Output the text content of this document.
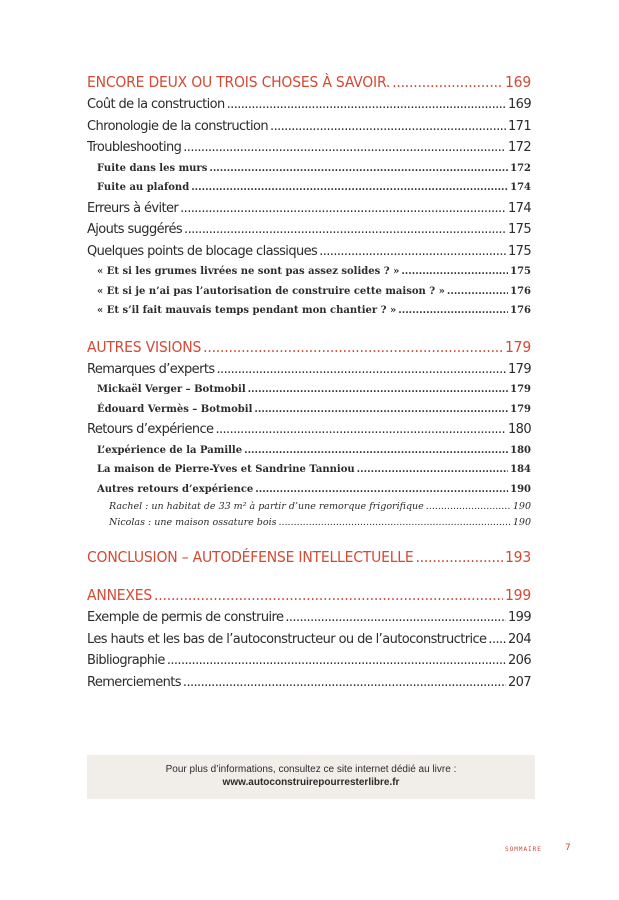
ENCORE DEUX OU TROIS CHOSES À SAVOIR. .....	169
Coût de la construction .....	169
Chronologie de la construction .....	171
Troubleshooting .....	172
Fuite dans les murs .....	172
Fuite au plafond .....	174
Erreurs à éviter .....	174
Ajouts suggérés .....	175
Quelques points de blocage classiques .....	175
« Et si les grumes livrées ne sont pas assez solides ? » .....	175
« Et si je n’ai pas l’autorisation de construire cette maison ? » .....	176
« Et s’il fait mauvais temps pendant mon chantier ? » .....	176
AUTRES VISIONS .....	179
Remarques d’experts .....	179
Mickaël Verger – Botmobil .....	179
Édouard Vermès – Botmobil .....	179
Retours d’expérience .....	180
L’expérience de la Pamille .....	180
La maison de Pierre-Yves et Sandrine Tanniou .....	184
Autres retours d’expérience .....	190
Rachel : un habitat de 33 m² à partir d’une remorque frigorifique .....	190
Nicolas : une maison ossature bois .....	190
CONCLUSION – AUTODÉFENSE INTELLECTUELLE .....	193
ANNEXES .....	199
Exemple de permis de construire .....	199
Les hauts et les bas de l’autoconstructeur ou de l’autoconstructrice ..... 204
Bibliographie .....	206
Remerciements .....	207
Pour plus d’informations, consultez ce site internet dédié au livre :
www.autoconstruirepourresterlibre.fr
SOMMAIRE	7
